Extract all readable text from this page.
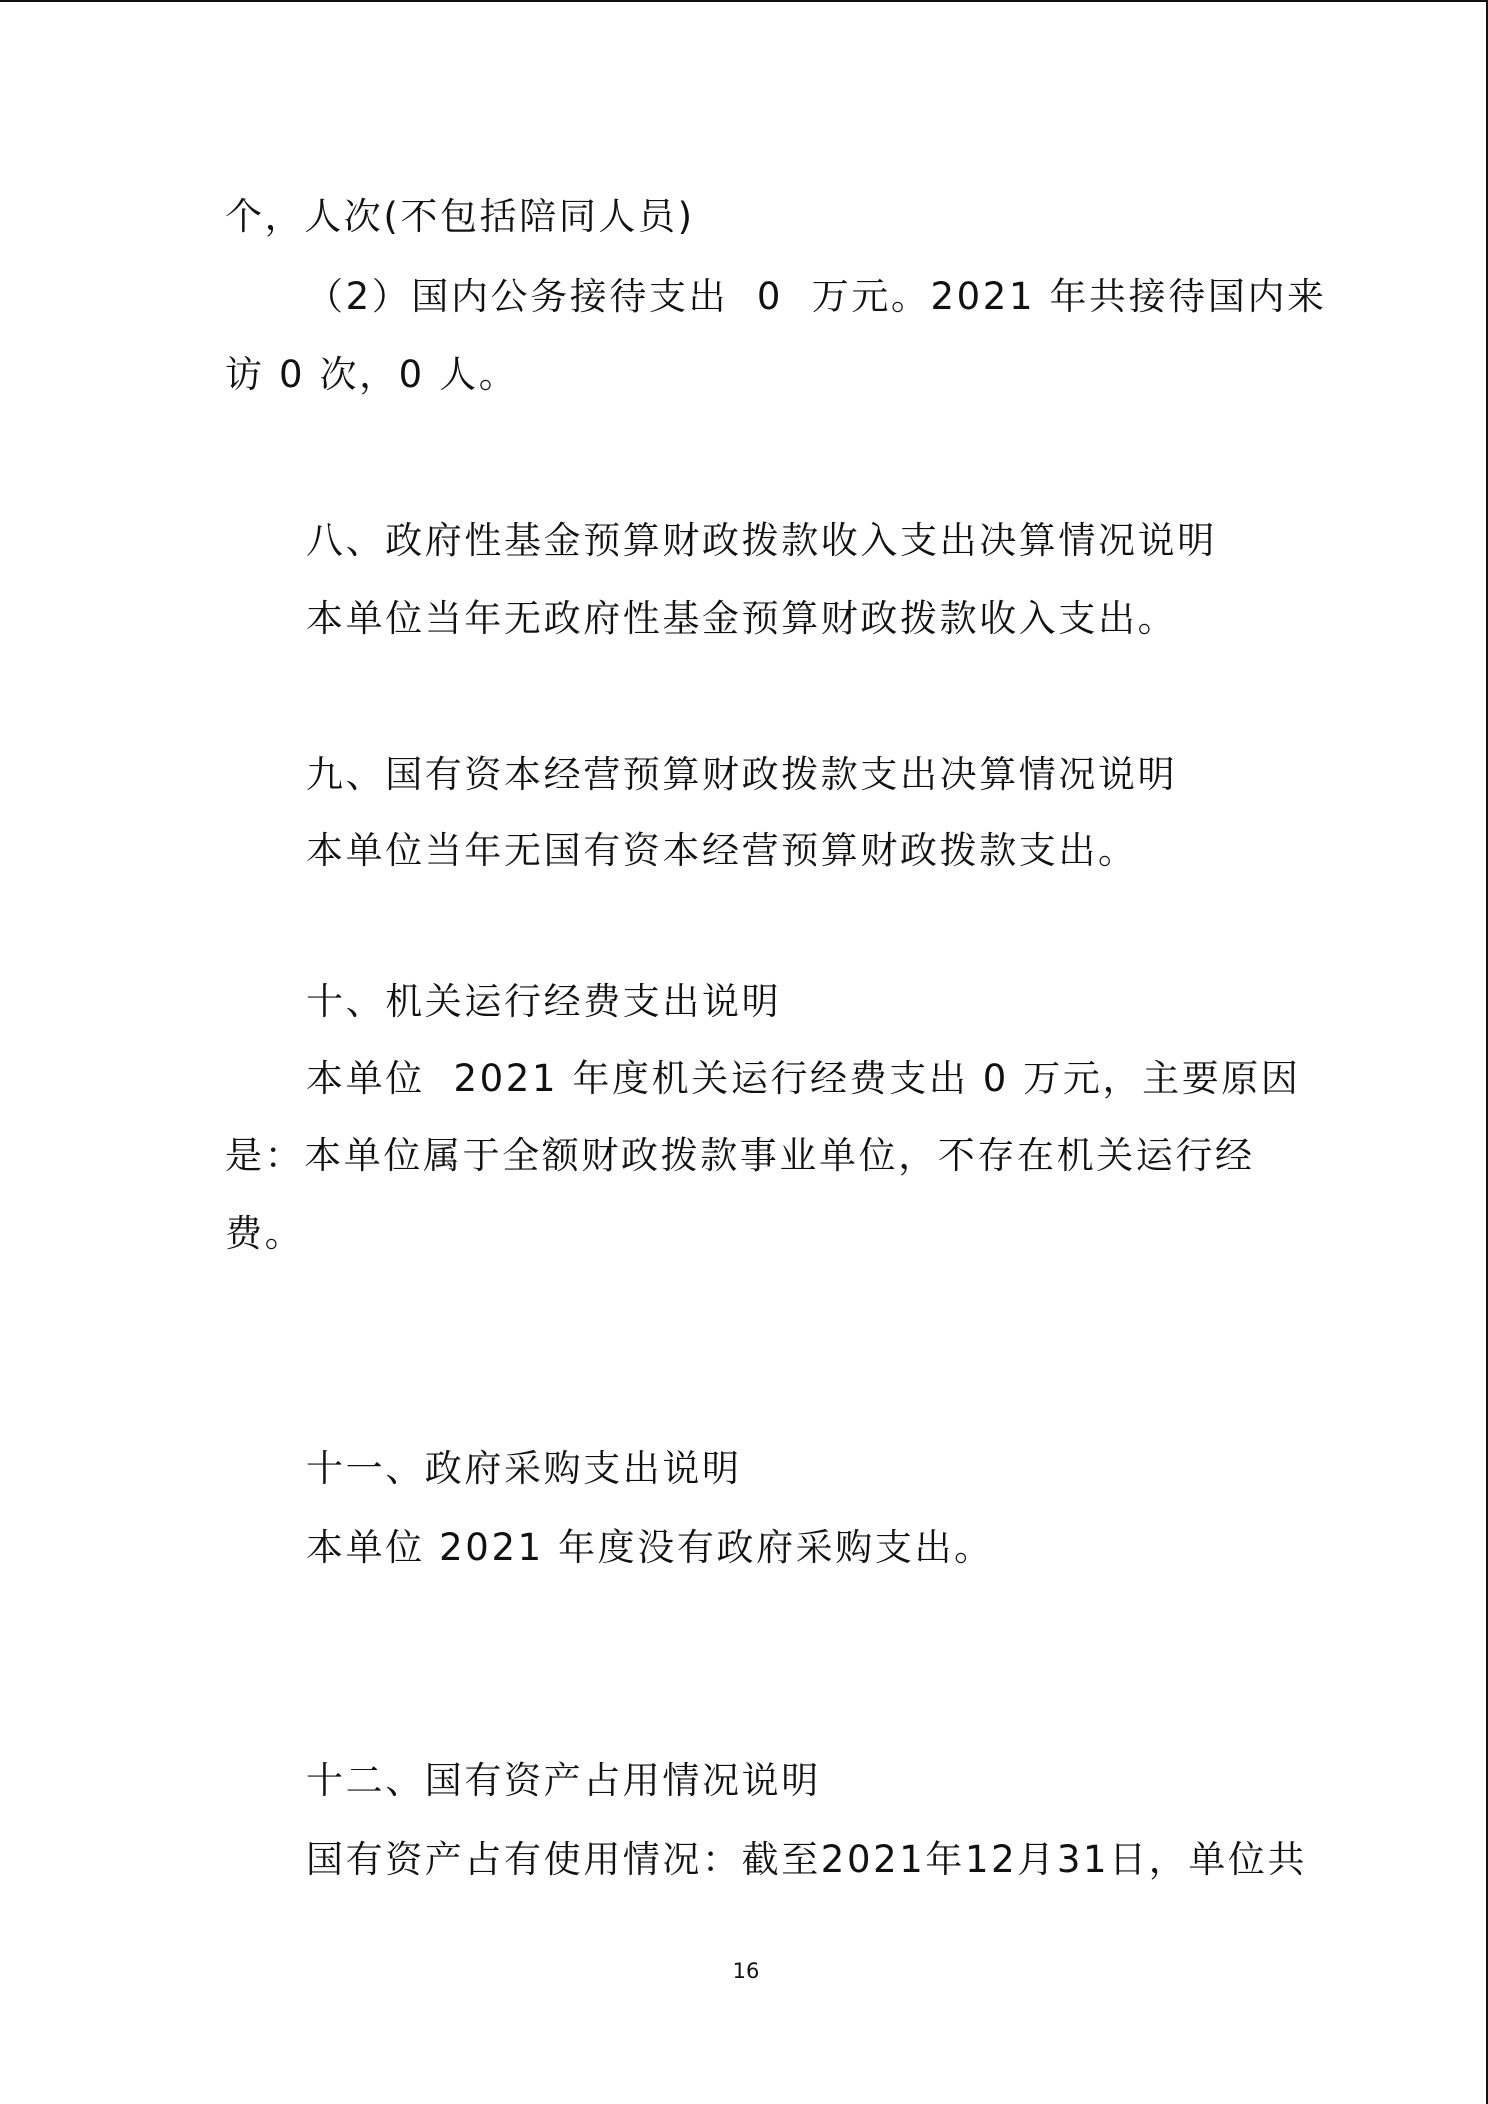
个，人次(不包括陪同人员)
（2）国内公务接待支出  0  万元。2021 年共接待国内来
访 0 次，0 人。
八、政府性基金预算财政拨款收入支出决算情况说明
本单位当年无政府性基金预算财政拨款收入支出。
九、国有资本经营预算财政拨款支出决算情况说明
本单位当年无国有资本经营预算财政拨款支出。
十、机关运行经费支出说明
本单位  2021 年度机关运行经费支出 0 万元，主要原因
是：本单位属于全额财政拨款事业单位，不存在机关运行经
费。
十一、政府采购支出说明
本单位 2021 年度没有政府采购支出。
十二、国有资产占用情况说明
国有资产占有使用情况：截至2021年12月31日，单位共
16
